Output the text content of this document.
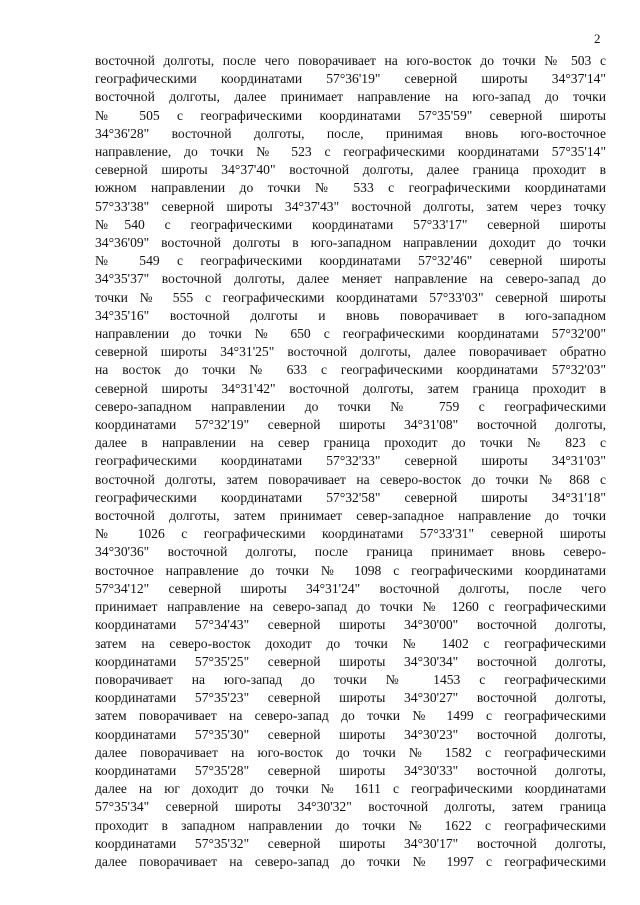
2
восточной долготы, после чего поворачивает на юго-восток до точки № 503 с
географическими координатами 57°36'19" северной широты 34°37'14"
восточной долготы, далее принимает направление на юго-запад до точки
№ 505 с географическими координатами 57°35'59" северной широты
34°36'28" восточной долготы, после, принимая вновь юго-восточное
направление, до точки № 523 с географическими координатами 57°35'14"
северной широты 34°37'40" восточной долготы, далее граница проходит в
южном направлении до точки № 533 с географическими координатами
57°33'38" северной широты 34°37'43" восточной долготы, затем через точку
№540 с географическими координатами 57°33'17" северной широты
34°36'09" восточной долготы в юго-западном направлении доходит до точки
№ 549 с географическими координатами 57°32'46" северной широты
34°35'37" восточной долготы, далее меняет направление на северо-запад до
точки № 555 с географическими координатами 57°33'03" северной широты
34°35'16" восточной долготы и вновь поворачивает в юго-западном
направлении до точки № 650 с географическими координатами 57°32'00"
северной широты 34°31'25" восточной долготы, далее поворачивает обратно
на восток до точки № 633 с географическими координатами 57°32'03"
северной широты 34°31'42" восточной долготы, затем граница проходит в
северо-западном направлении до точки № 759 с географическими
координатами 57°32'19" северной широты 34°31'08" восточной долготы,
далее в направлении на север граница проходит до точки № 823 с
географическими координатами 57°32'33" северной широты 34°31'03"
восточной долготы, затем поворачивает на северо-восток до точки № 868 с
географическими координатами 57°32'58" северной широты 34°31'18"
восточной долготы, затем принимает север-западное направление до точки
№ 1026 с географическими координатами 57°33'31" северной широты
34°30'36" восточной долготы, после граница принимает вновь северо-
восточное направление до точки № 1098 с географическими координатами
57°34'12" северной широты 34°31'24" восточной долготы, после чего
принимает направление на северо-запад до точки № 1260 с географическими
координатами 57°34'43" северной широты 34°30'00" восточной долготы,
затем на северо-восток доходит до точки № 1402 с географическими
координатами 57°35'25" северной широты 34°30'34" восточной долготы,
поворачивает на юго-запад до точки № 1453 с географическими
координатами 57°35'23" северной широты 34°30'27" восточной долготы,
затем поворачивает на северо-запад до точки № 1499 с географическими
координатами 57°35'30" северной широты 34°30'23" восточной долготы,
далее поворачивает на юго-восток до точки № 1582 с географическими
координатами 57°35'28" северной широты 34°30'33" восточной долготы,
далее на юг доходит до точки № 1611 с географическими координатами
57°35'34" северной широты 34°30'32" восточной долготы, затем граница
проходит в западном направлении до точки № 1622 с географическими
координатами 57°35'32" северной широты 34°30'17" восточной долготы,
далее поворачивает на северо-запад до точки № 1997 с географическими
